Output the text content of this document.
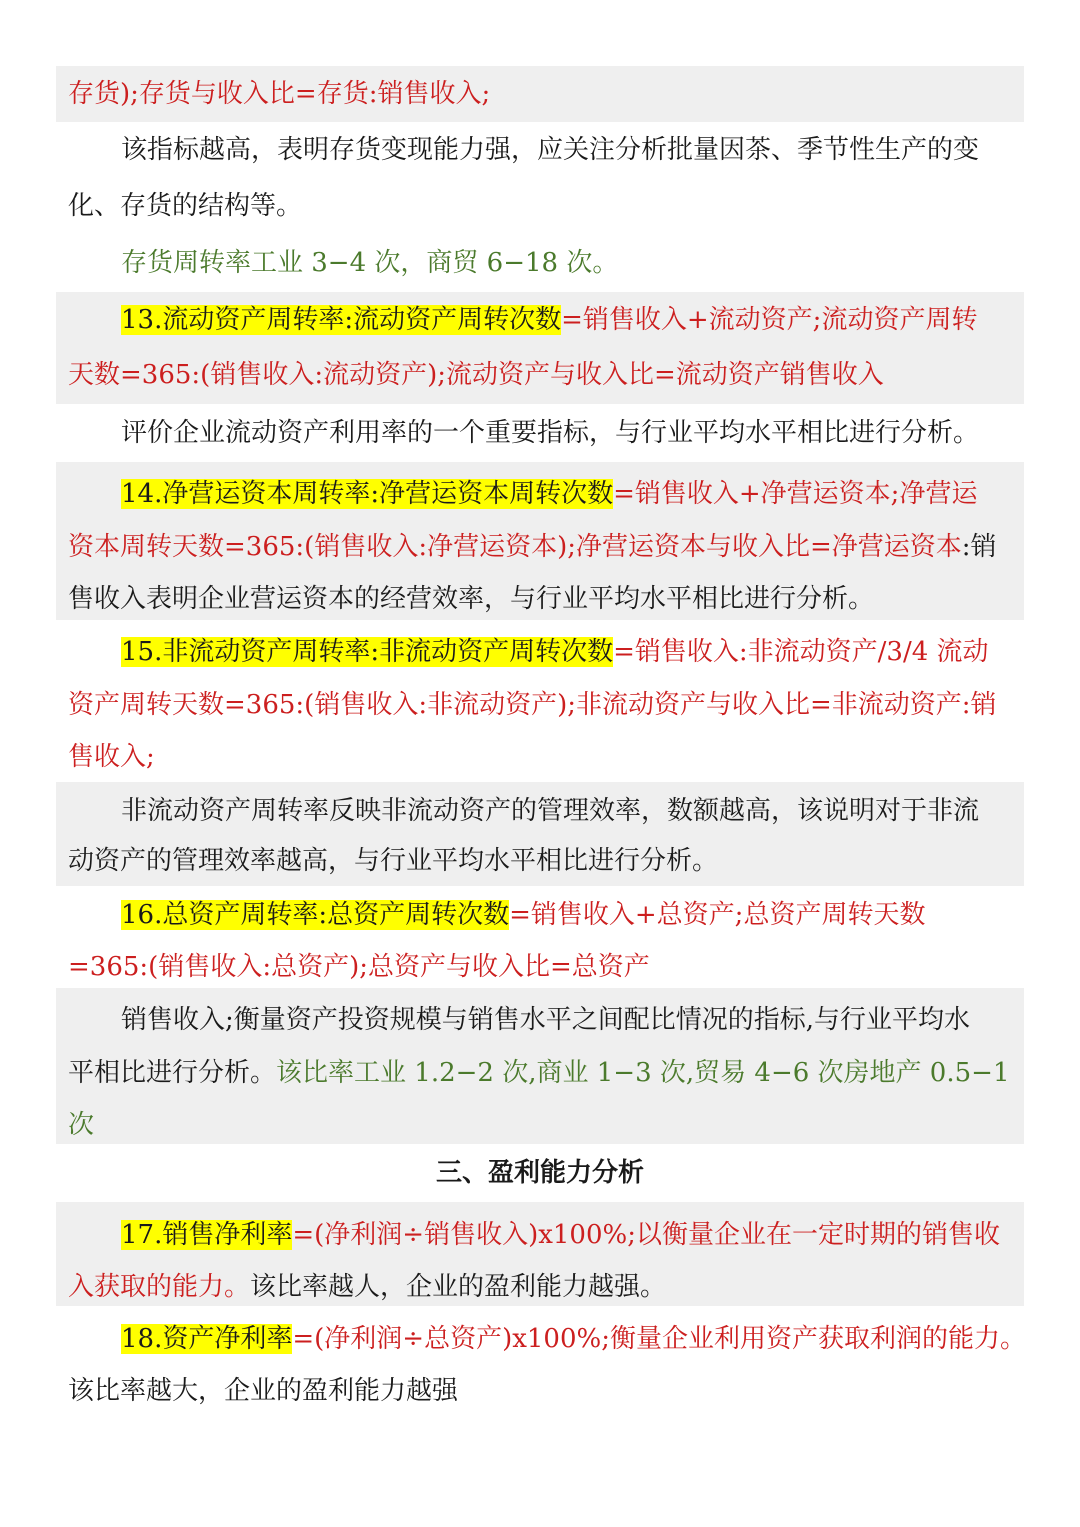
存货);存货与收入比=存货:销售收入;
该指标越高，表明存货变现能力强，应关注分析批量因茶、季节性生产的变
化、存货的结构等。
存货周转率工业 3−4 次，商贸 6−18 次。
13.流动资产周转率:流动资产周转次数=销售收入+流动资产;流动资产周转
天数=365:(销售收入:流动资产);流动资产与收入比=流动资产销售收入
评价企业流动资产利用率的一个重要指标，与行业平均水平相比进行分析。
14.净营运资本周转率:净营运资本周转次数=销售收入+净营运资本;净营运
资本周转天数=365:(销售收入:净营运资本);净营运资本与收入比=净营运资本:销
售收入表明企业营运资本的经营效率，与行业平均水平相比进行分析。
15.非流动资产周转率:非流动资产周转次数=销售收入:非流动资产/3/4 流动
资产周转天数=365:(销售收入:非流动资产);非流动资产与收入比=非流动资产:销
售收入;
非流动资产周转率反映非流动资产的管理效率，数额越高，该说明对于非流
动资产的管理效率越高，与行业平均水平相比进行分析。
16.总资产周转率:总资产周转次数=销售收入+总资产;总资产周转天数
=365:(销售收入:总资产);总资产与收入比=总资产
销售收入;衡量资产投资规模与销售水平之间配比情况的指标,与行业平均水
平相比进行分析。该比率工业 1.2−2 次,商业 1−3 次,贸易 4−6 次房地产 0.5−1
次
三、盈利能力分析
17.销售净利率=(净利润÷销售收入)x100%;以衡量企业在一定时期的销售收
入获取的能力。该比率越人，企业的盈利能力越强。
18.资产净利率=(净利润÷总资产)x100%;衡量企业利用资产获取利润的能力。
该比率越大，企业的盈利能力越强
